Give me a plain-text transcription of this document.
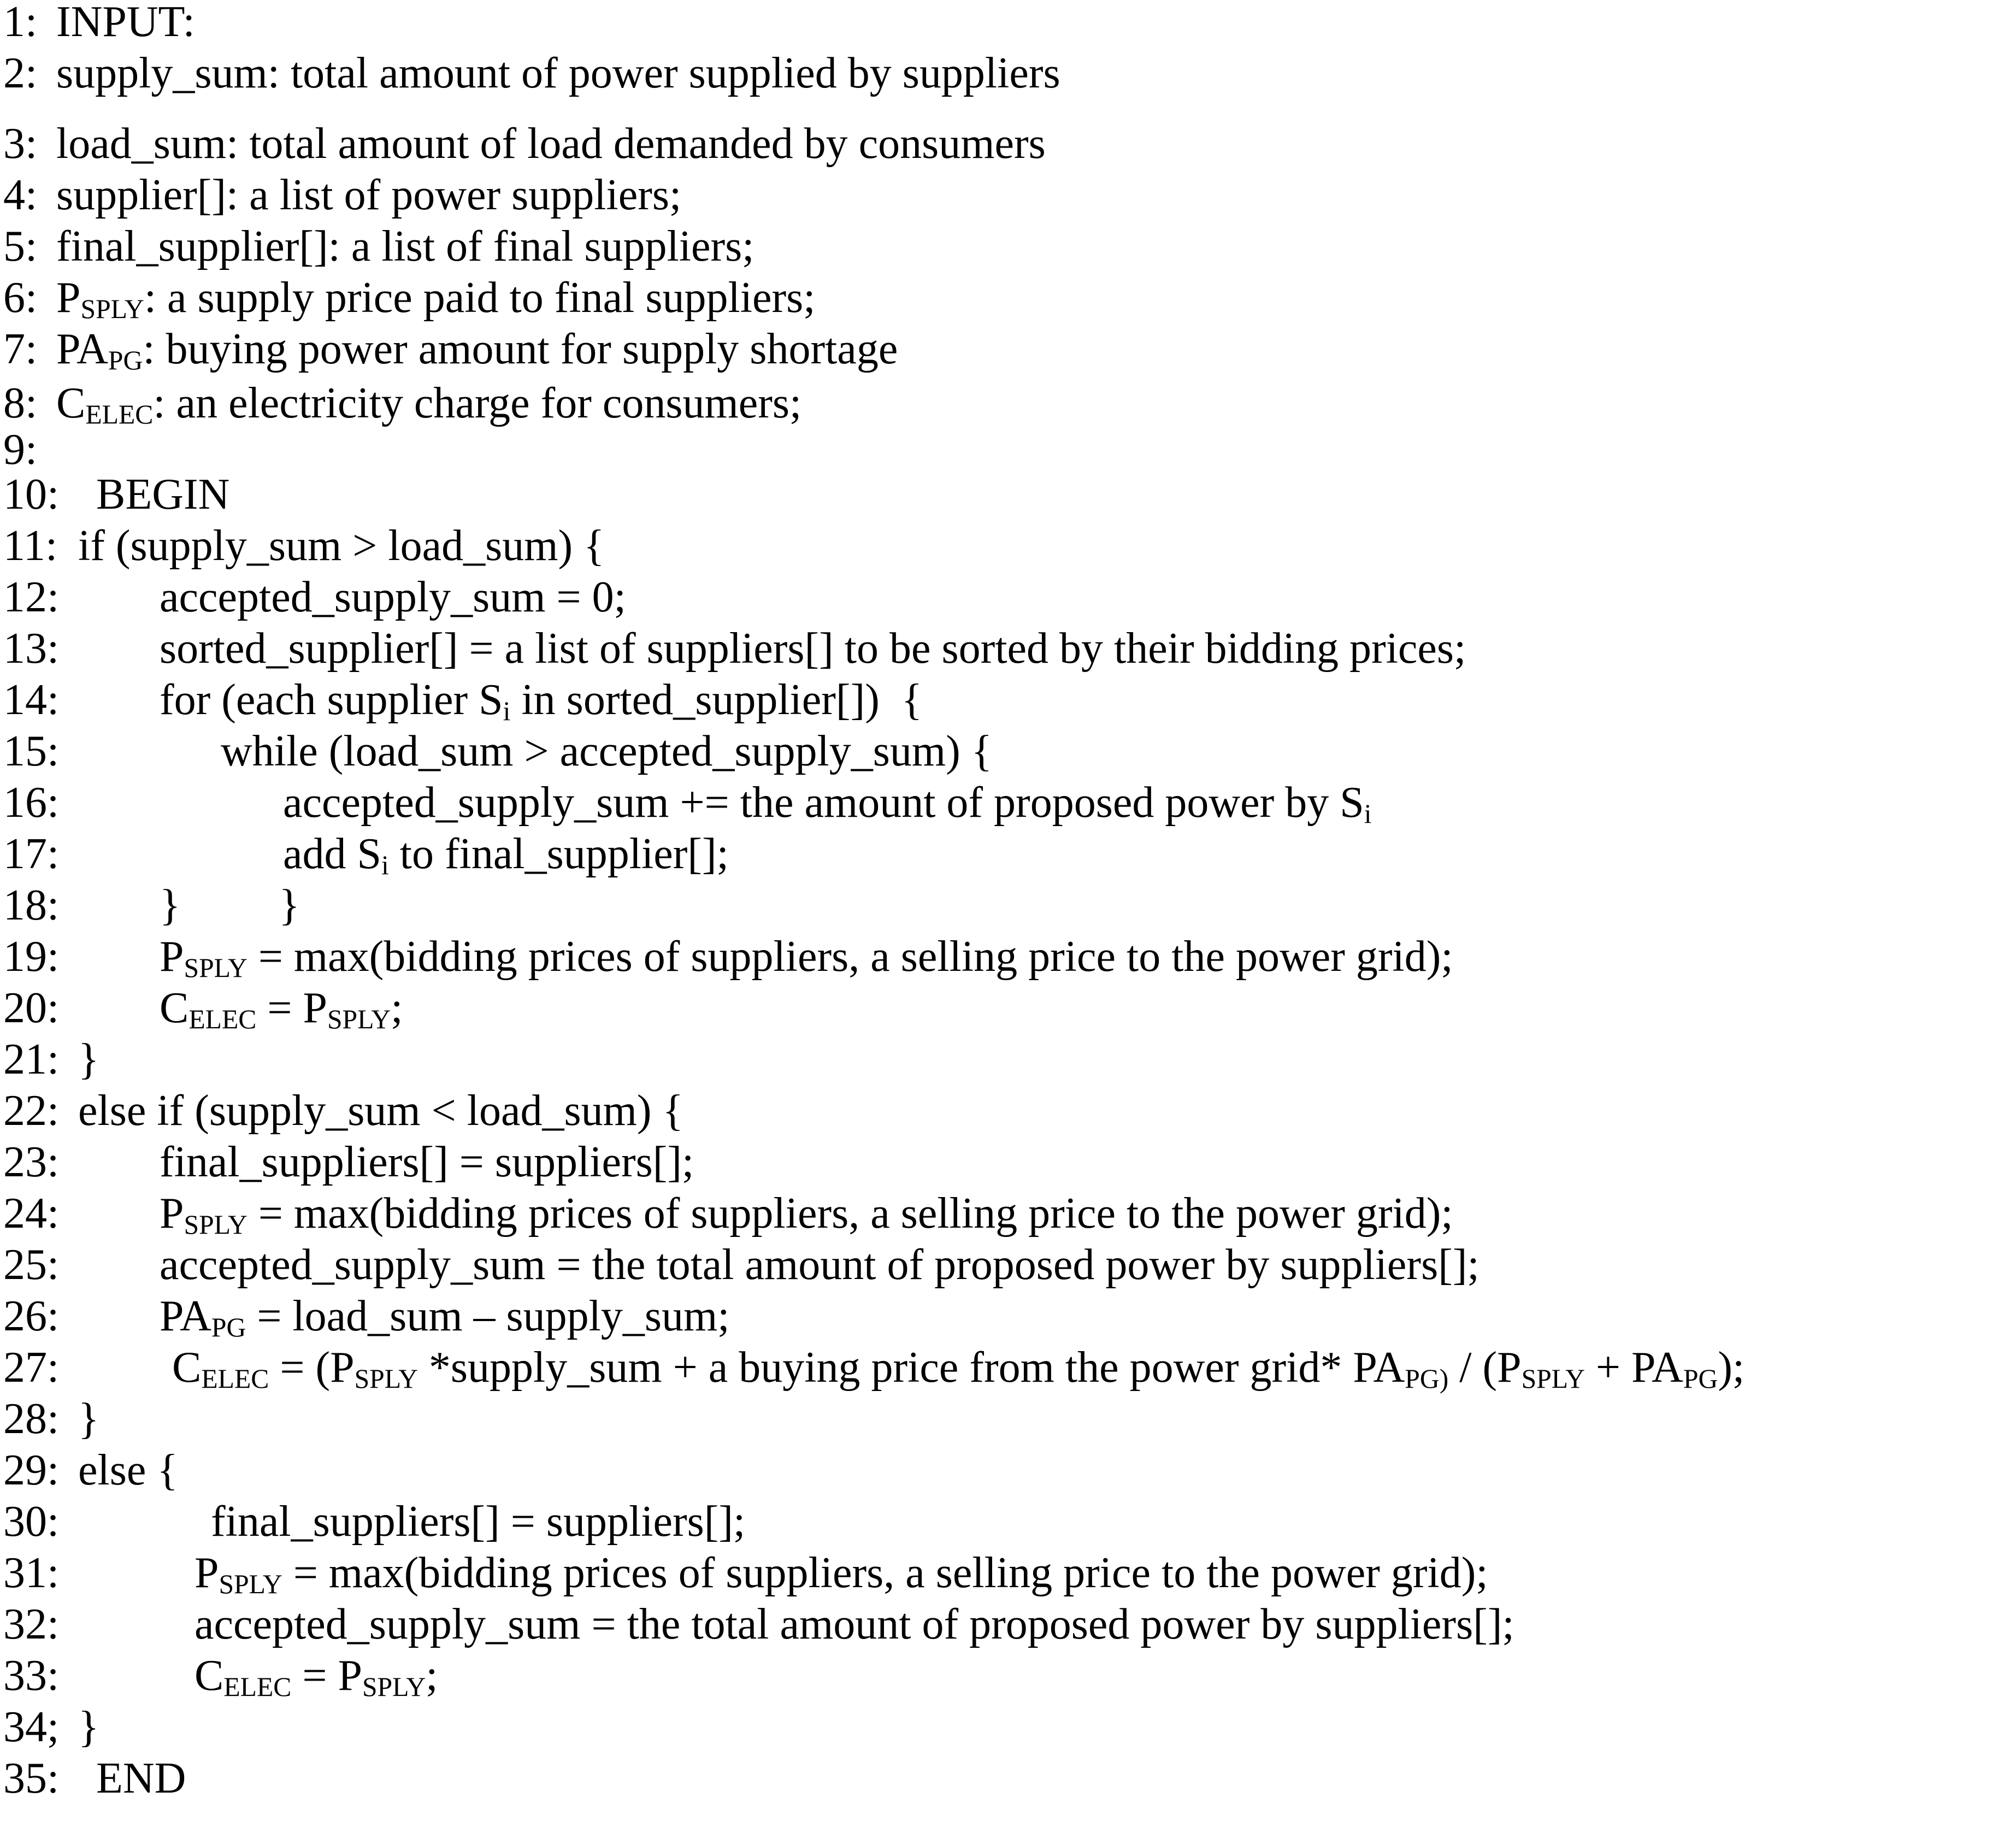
1: INPUT:
2: supply_sum: total amount of power supplied by suppliers
3: load_sum: total amount of load demanded by consumers
4: supplier[]: a list of power suppliers;
5: final_supplier[]: a list of final suppliers;
6: $P_{SPLY}$: a supply price paid to final suppliers;
7: $PA_{PG}$: buying power amount for supply shortage
8: $C_{ELEC}$: an electricity charge for consumers;
9:
10: BEGIN
11: if (supply_sum > load_sum) {
12: accepted_supply_sum = 0;
13: sorted_supplier[] = a list of suppliers[] to be sorted by their bidding prices;
14: for (each supplier $S_i$ in sorted_supplier[])  {
15:	while (load_sum > accepted_supply_sum) {
16:	accepted_supply_sum += the amount of proposed power by $S_i$
17:	add $S_i$ to final_supplier[];
18: }         }
19: $P_{SPLY}$ = max(bidding prices of suppliers, a selling price to the power grid);
20: $C_{ELEC} = P_{SPLY}$;
21: }
22: else if (supply_sum < load_sum) {
23: final_suppliers[] = suppliers[];
24: $P_{SPLY}$ = max(bidding prices of suppliers, a selling price to the power grid);
25: accepted_supply_sum = the total amount of proposed power by suppliers[];
26: $PA_{PG}$ = load_sum – supply_sum;
27:	$C_{ELEC} = (P_{SPLY}$ *supply_sum + a buying price from the power grid* $PA_{PG)} / (P_{SPLY} + PA_{PG})$;
28: }
29: else {
30:	final_suppliers[] = suppliers[];
31:	$P_{SPLY}$ = max(bidding prices of suppliers, a selling price to the power grid);
32:	accepted_supply_sum = the total amount of proposed power by suppliers[];
33:	$C_{ELEC} = P_{SPLY}$;
34; }
35: END
